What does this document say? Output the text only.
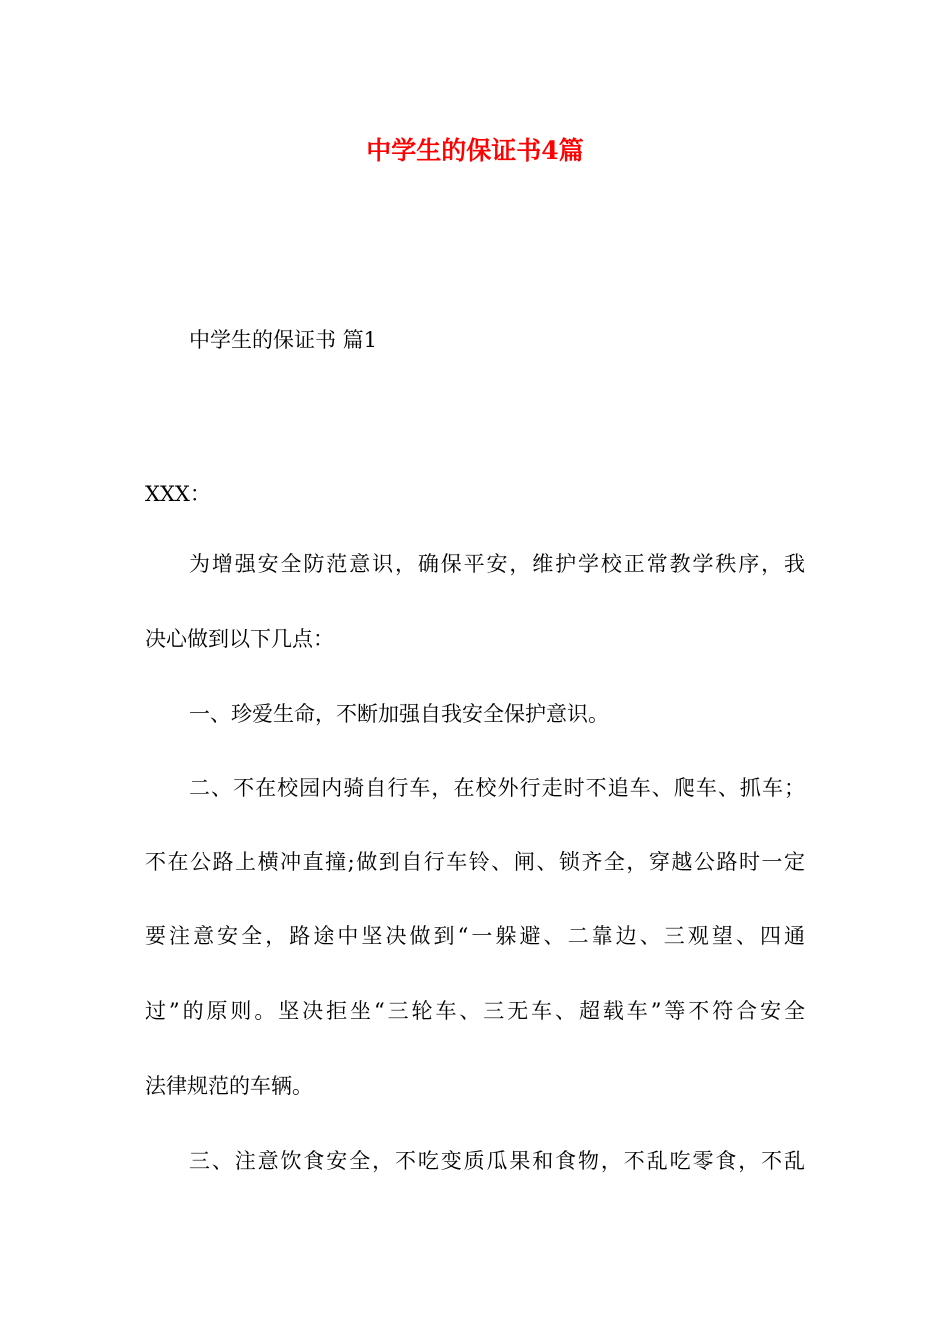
中学生的保证书4篇
中学生的保证书 篇1
XXX：
为增强安全防范意识，确保平安，维护学校正常教学秩序，我
决心做到以下几点：
一、珍爱生命，不断加强自我安全保护意识。
二、不在校园内骑自行车，在校外行走时不追车、爬车、抓车；
不在公路上横冲直撞;做到自行车铃、闸、锁齐全，穿越公路时一定
要注意安全，路途中坚决做到“一躲避、二靠边、三观望、四通
过”的原则。坚决拒坐“三轮车、三无车、超载车”等不符合安全
法律规范的车辆。
三、注意饮食安全，不吃变质瓜果和食物，不乱吃零食，不乱
